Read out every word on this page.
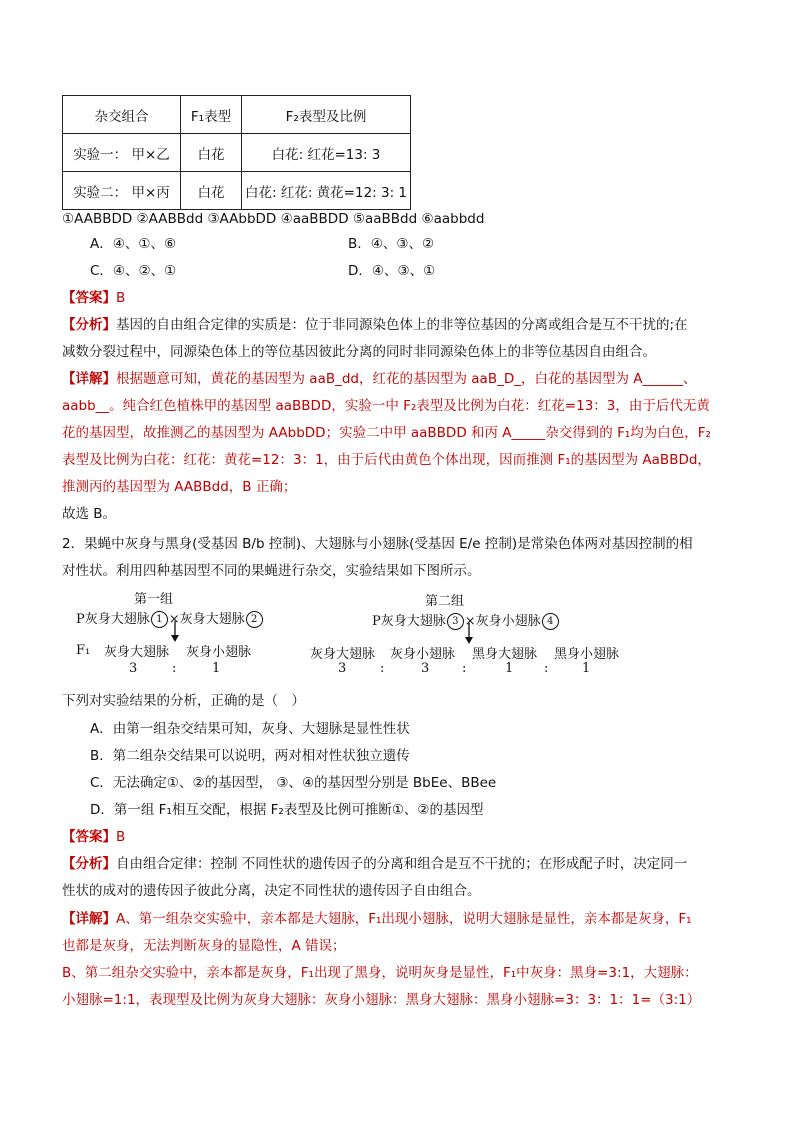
杂交组合	F₁表型	F₂表型及比例
实验一： 甲×乙	白花	白花: 红花=13: 3
实验二： 甲×丙	白花	白花: 红花: 黄花=12: 3: 1
①AABBDD ②AABBdd ③AAbbDD ④aaBBDD ⑤aaBBdd ⑥aabbdd
A．④、①、⑥	B．④、③、②
C．④、②、①	D．④、③、①
【答案】B
【分析】基因的自由组合定律的实质是：位于非同源染色体上的非等位基因的分离或组合是互不干扰的;在
减数分裂过程中，同源染色体上的等位基因彼此分离的同时非同源染色体上的非等位基因自由组合。
【详解】根据题意可知，黄花的基因型为 aaB_dd，红花的基因型为 aaB_D_，白花的基因型为 A______、
aabb__。纯合红色植株甲的基因型 aaBBDD，实验一中 F₂表型及比例为白花：红花=13：3，由于后代无黄
花的基因型，故推测乙的基因型为 AAbbDD；实验二中甲 aaBBDD 和丙 A_____杂交得到的 F₁均为白色，F₂
表型及比例为白花：红花：黄花=12：3：1，由于后代由黄色个体出现，因而推测 F₁的基因型为 AaBBDd，
推测丙的基因型为 AABBdd，B 正确；
故选 B。
2．果蝇中灰身与黑身(受基因 B/b 控制)、大翅脉与小翅脉(受基因 E/e 控制)是常染色体两对基因控制的相
对性状。利用四种基因型不同的果蝇进行杂交，实验结果如下图所示。
第一组
P灰身大翅脉 1 ×灰身大翅脉 2
F₁ 灰身大翅脉 灰身小翅脉
3	:	1
第二组
P灰身大翅脉 3 ×灰身小翅脉 4
灰身大翅脉 灰身小翅脉 黑身大翅脉 黑身小翅脉
3	:	3	:	1 :	1
下列对实验结果的分析，正确的是（　）
A．由第一组杂交结果可知，灰身、大翅脉是显性性状
B．第二组杂交结果可以说明，两对相对性状独立遗传
C．无法确定①、②的基因型， ③、④的基因型分别是 BbEe、BBee
D．第一组 F₁相互交配，根据 F₂表型及比例可推断①、②的基因型
【答案】B
【分析】自由组合定律：控制 不同性状的遗传因子的分离和组合是互不干扰的；在形成配子时，决定同一
性状的成对的遗传因子彼此分离，决定不同性状的遗传因子自由组合。
【详解】A、第一组杂交实验中，亲本都是大翅脉，F₁出现小翅脉，说明大翅脉是显性，亲本都是灰身，F₁
也都是灰身，无法判断灰身的显隐性，A 错误；
B、第二组杂交实验中，亲本都是灰身，F₁出现了黑身，说明灰身是显性，F₁中灰身：黑身=3:1，大翅脉：
小翅脉=1:1，表现型及比例为灰身大翅脉：灰身小翅脉：黑身大翅脉：黑身小翅脉=3：3：1：1=（3:1）
